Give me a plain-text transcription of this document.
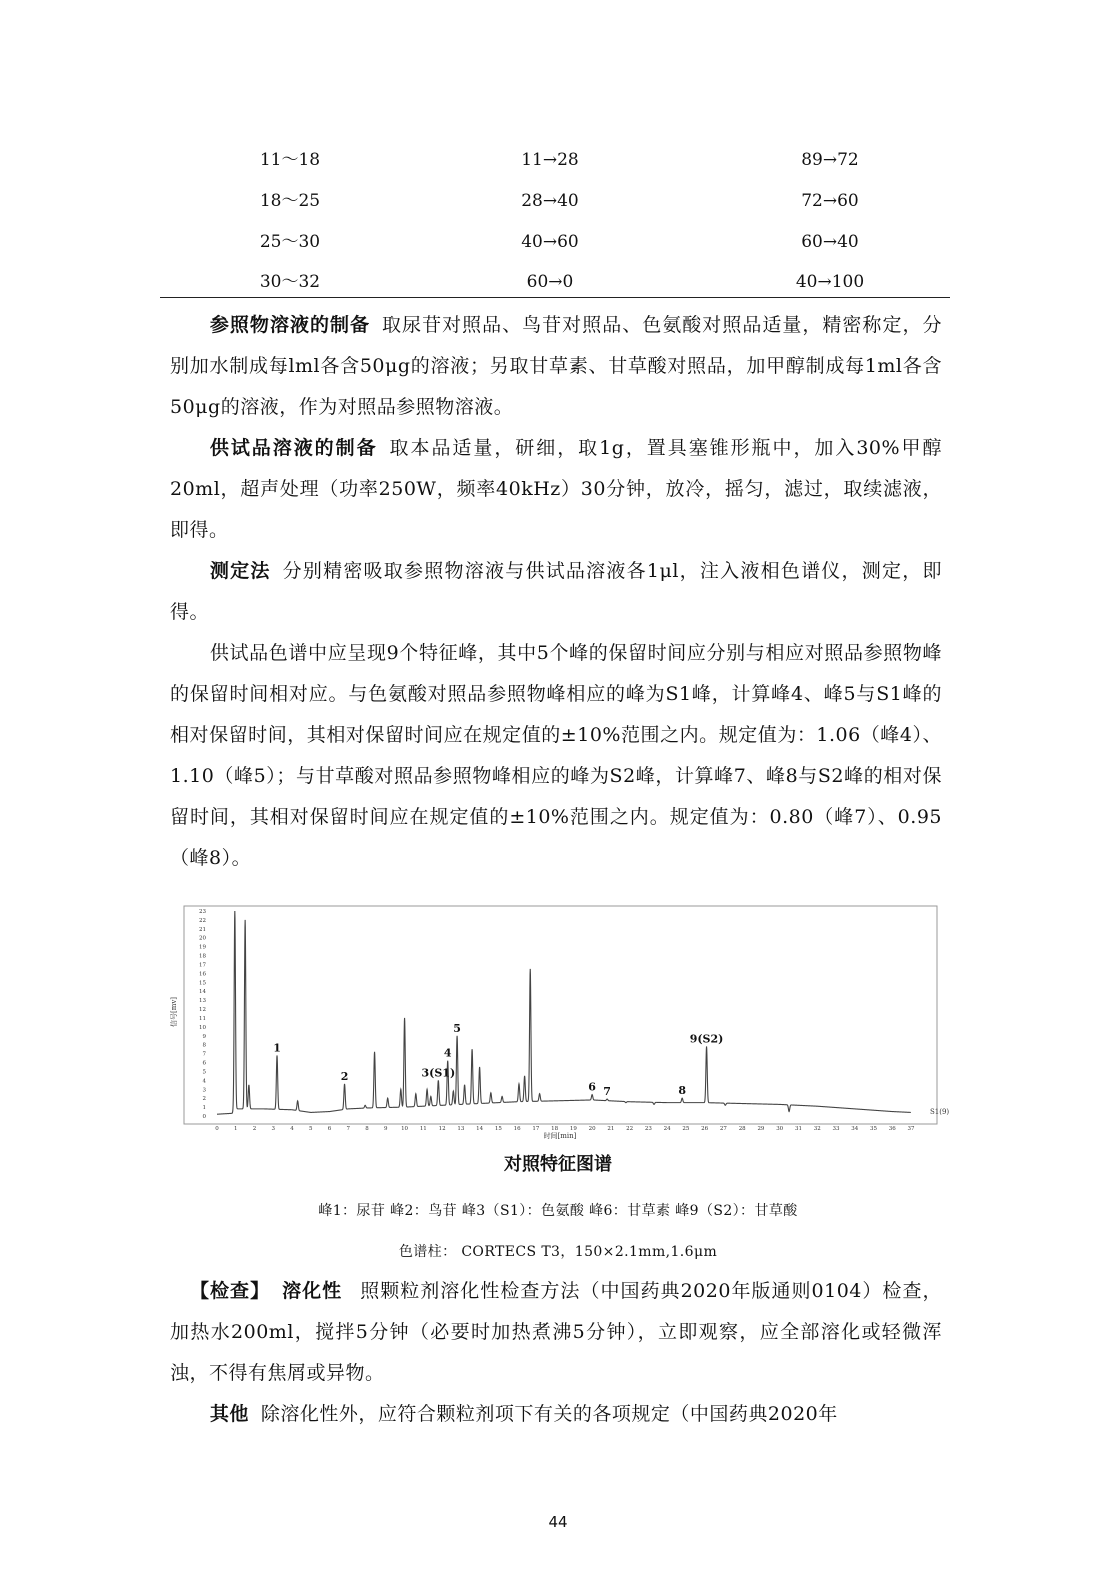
11～18	11→28	89→72
18～25	28→40	72→60
25～30	40→60	60→40
30～32	60→0	40→100
参照物溶液的制备 取尿苷对照品、鸟苷对照品、色氨酸对照品适量，精密称定，分别加水制成每lml各含50μg的溶液；另取甘草素、甘草酸对照品，加甲醇制成每1ml各含50μg的溶液，作为对照品参照物溶液。
供试品溶液的制备 取本品适量，研细，取1g，置具塞锥形瓶中，加入30%甲醇20ml，超声处理（功率250W，频率40kHz）30分钟，放冷，摇匀，滤过，取续滤液，即得。
测定法 分别精密吸取参照物溶液与供试品溶液各1μl，注入液相色谱仪，测定，即得。
供试品色谱中应呈现9个特征峰，其中5个峰的保留时间应分别与相应对照品参照物峰的保留时间相对应。与色氨酸对照品参照物峰相应的峰为S1峰，计算峰4、峰5与S1峰的相对保留时间，其相对保留时间应在规定值的±10%范围之内。规定值为：1.06（峰4）、1.10（峰5）；与甘草酸对照品参照物峰相应的峰为S2峰，计算峰7、峰8与S2峰的相对保留时间，其相对保留时间应在规定值的±10%范围之内。规定值为：0.80（峰7）、0.95（峰8）。
0
1
2
3
4
5
6
7
8
9
10
11
12
13
14
15
16
17
18
19
20
21
22
23
0	1	2	3	4	5	6	7	8	9 10 11 12 13 14 15 16 17 18 19 20 21 22 23 24 25 26 27 28 29 30 31 32 33 34 35 36 37
1
2	3(S1)
4
5
6 7	8
9(S2)
信号[mv]
时间[min]
S1(9)
对照特征图谱
峰1：尿苷 峰2：鸟苷 峰3（S1）：色氨酸 峰6：甘草素 峰9（S2）：甘草酸
色谱柱： CORTECS T3，150×2.1mm,1.6μm
【检查】 溶化性 照颗粒剂溶化性检查方法（中国药典2020年版通则0104）检查，加热水200ml，搅拌5分钟（必要时加热煮沸5分钟），立即观察，应全部溶化或轻微浑浊，不得有焦屑或异物。
其他 除溶化性外，应符合颗粒剂项下有关的各项规定（中国药典2020年
44
